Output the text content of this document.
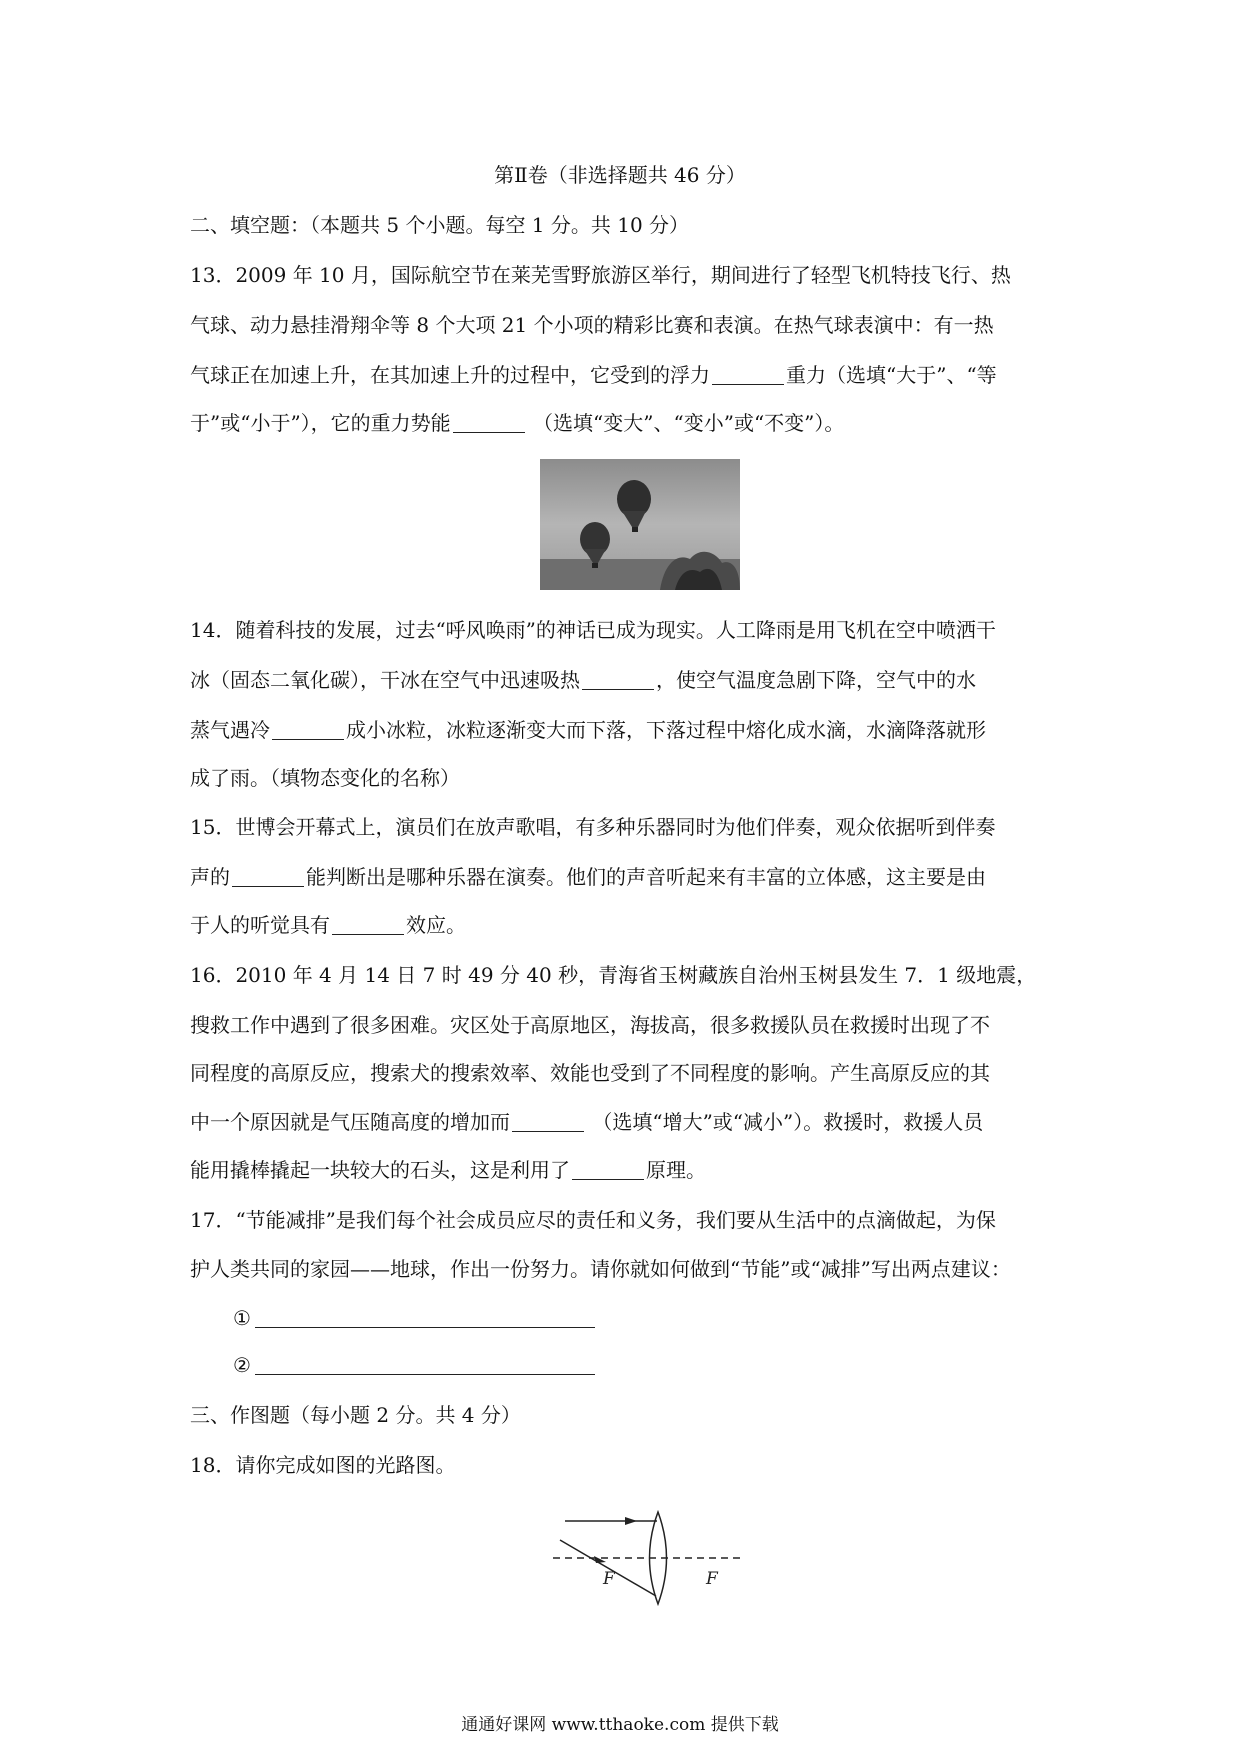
第Ⅱ卷（非选择题共 46 分）
二、填空题：（本题共 5 个小题。每空 1 分。共 10 分）
13．2009 年 10 月，国际航空节在莱芜雪野旅游区举行，期间进行了轻型飞机特技飞行、热
气球、动力悬挂滑翔伞等 8 个大项 21 个小项的精彩比赛和表演。在热气球表演中：有一热
气球正在加速上升，在其加速上升的过程中，它受到的浮力	重力（选填“大于”、“等
于”或“小于”），它的重力势能	（选填“变大”、“变小”或“不变”）。
14．随着科技的发展，过去“呼风唤雨”的神话已成为现实。人工降雨是用飞机在空中喷洒干
冰（固态二氧化碳），干冰在空气中迅速吸热	，使空气温度急剧下降，空气中的水
蒸气遇冷	成小冰粒，冰粒逐渐变大而下落，下落过程中熔化成水滴，水滴降落就形
成了雨。（填物态变化的名称）
15．世博会开幕式上，演员们在放声歌唱，有多种乐器同时为他们伴奏，观众依据听到伴奏
声的	能判断出是哪种乐器在演奏。他们的声音听起来有丰富的立体感，这主要是由
于人的听觉具有	效应。
16．2010 年 4 月 14 日 7 时 49 分 40 秒，青海省玉树藏族自治州玉树县发生 7．1 级地震，
搜救工作中遇到了很多困难。灾区处于高原地区，海拔高，很多救援队员在救援时出现了不
同程度的高原反应，搜索犬的搜索效率、效能也受到了不同程度的影响。产生高原反应的其
中一个原因就是气压随高度的增加而	（选填“增大”或“减小”）。救援时，救援人员
能用撬棒撬起一块较大的石头，这是利用了	原理。
17．“节能减排”是我们每个社会成员应尽的责任和义务，我们要从生活中的点滴做起，为保
护人类共同的家园——地球，作出一份努力。请你就如何做到“节能”或“减排”写出两点建议：
①
②
三、作图题（每小题 2 分。共 4 分）
18．请你完成如图的光路图。
F	F
通通好课网 www.tthaoke.com 提供下载
